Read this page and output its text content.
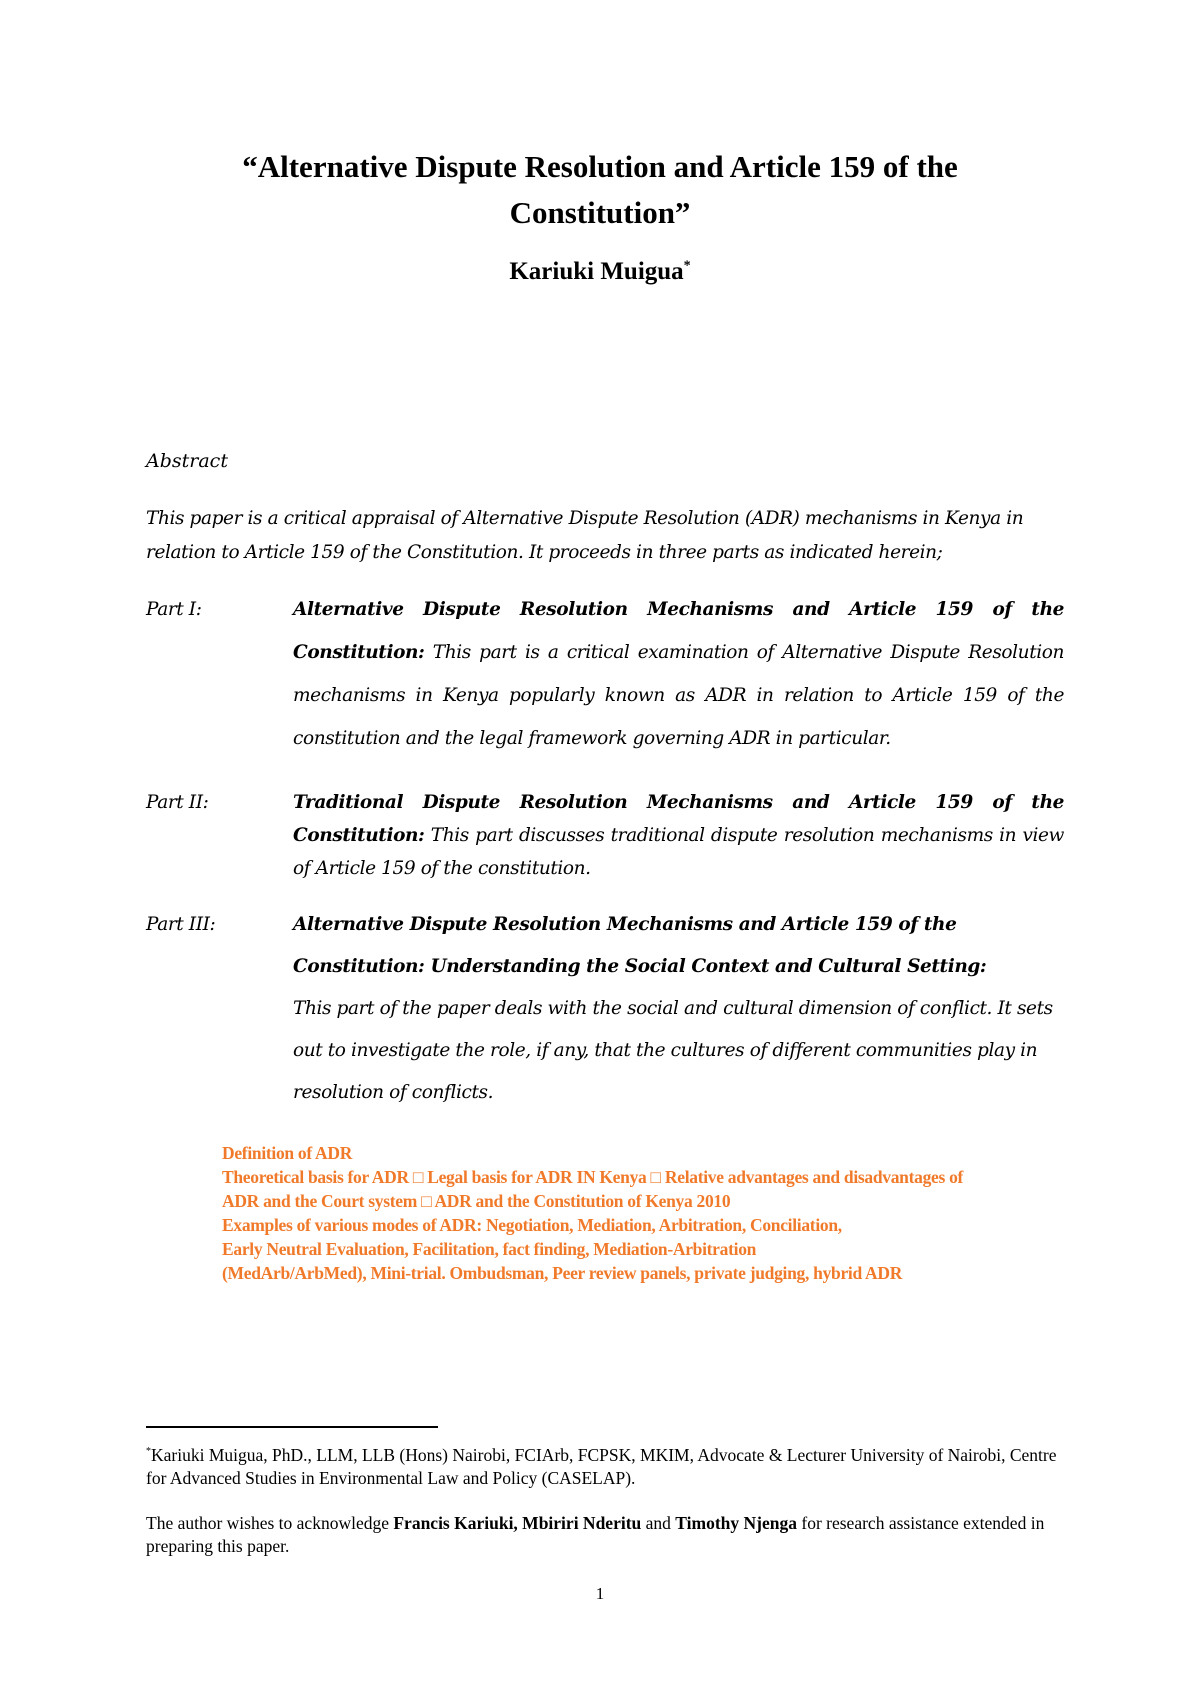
“Alternative Dispute Resolution and Article 159 of the
Constitution”
Kariuki Muigua*
Abstract
This paper is a critical appraisal of Alternative Dispute Resolution (ADR) mechanisms in Kenya in relation to Article 159 of the Constitution. It proceeds in three parts as indicated herein;
Part I:	Alternative Dispute Resolution Mechanisms and Article 159 of the Constitution: This part is a critical examination of Alternative Dispute Resolution mechanisms in Kenya popularly known as ADR in relation to Article 159 of the constitution and the legal framework governing ADR in particular.
Part II:	Traditional Dispute Resolution Mechanisms and Article 159 of the Constitution: This part discusses traditional dispute resolution mechanisms in view of Article 159 of the constitution.
Part III:	Alternative Dispute Resolution Mechanisms and Article 159 of the Constitution: Understanding the Social Context and Cultural Setting:
This part of the paper deals with the social and cultural dimension of conflict. It sets out to investigate the role, if any, that the cultures of different communities play in resolution of conflicts.
Definition of ADR
Theoretical basis for ADR □ Legal basis for ADR IN Kenya □ Relative advantages and disadvantages of
ADR and the Court system □ ADR and the Constitution of Kenya 2010
Examples of various modes of ADR: Negotiation, Mediation, Arbitration, Conciliation,
Early Neutral Evaluation, Facilitation, fact finding, Mediation-Arbitration
(MedArb/ArbMed), Mini-trial. Ombudsman, Peer review panels, private judging, hybrid ADR
*Kariuki Muigua, PhD., LLM, LLB (Hons) Nairobi, FCIArb, FCPSK, MKIM, Advocate & Lecturer University of Nairobi, Centre for Advanced Studies in Environmental Law and Policy (CASELAP).
The author wishes to acknowledge Francis Kariuki, Mbiriri Nderitu and Timothy Njenga for research assistance extended in preparing this paper.
1
